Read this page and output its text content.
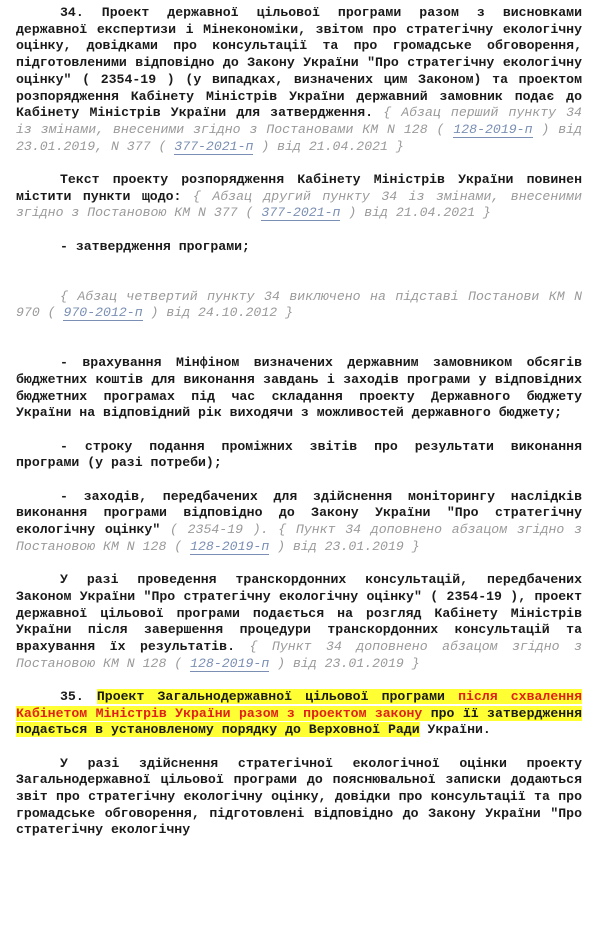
34. Проект державної цільової програми разом з висновками державної експертизи і Мінекономіки, звітом про стратегічну екологічну оцінку, довідками про консультації та про громадське обговорення, підготовленими відповідно до Закону України "Про стратегічну екологічну оцінку" ( 2354-19 ) (у випадках, визначених цим Законом) та проектом розпорядження Кабінету Міністрів України державний замовник подає до Кабінету Міністрів України для затвердження. { Абзац перший пункту 34 із змінами, внесеними згідно з Постановами КМ N 128 ( 128-2019-п ) від 23.01.2019, N 377 ( 377-2021-п ) від 21.04.2021 }

Текст проекту розпорядження Кабінету Міністрів України повинен містити пункти щодо: { Абзац другий пункту 34 із змінами, внесеними згідно з Постановою КМ N 377 ( 377-2021-п ) від 21.04.2021 }

- затвердження програми;

{ Абзац четвертий пункту 34 виключено на підставі Постанови КМ N 970 ( 970-2012-п ) від 24.10.2012 }

- врахування Мінфіном визначених державним замовником обсягів бюджетних коштів для виконання завдань і заходів програми у відповідних бюджетних програмах під час складання проекту Державного бюджету України на відповідний рік виходячи з можливостей державного бюджету;

- строку подання проміжних звітів про результати виконання програми (у разі потреби);

- заходів, передбачених для здійснення моніторингу наслідків виконання програми відповідно до Закону України "Про стратегічну екологічну оцінку" ( 2354-19 ). { Пункт 34 доповнено абзацом згідно з Постановою КМ N 128 ( 128-2019-п ) від 23.01.2019 }

У разі проведення транскордонних консультацій, передбачених Законом України "Про стратегічну екологічну оцінку" ( 2354-19 ), проект державної цільової програми подається на розгляд Кабінету Міністрів України після завершення процедури транскордонних консультацій та врахування їх результатів. { Пункт 34 доповнено абзацом згідно з Постановою КМ N 128 ( 128-2019-п ) від 23.01.2019 }

35. Проект Загальнодержавної цільової програми після схвалення Кабінетом Міністрів України разом з проектом закону про її затвердження подається в установленому порядку до Верховної Ради України.

У разі здійснення стратегічної екологічної оцінки проекту Загальнодержавної цільової програми до пояснювальної записки додаються звіт про стратегічну екологічну оцінку, довідки про консультації та про громадське обговорення, підготовлені відповідно до Закону України "Про стратегічну екологічну
